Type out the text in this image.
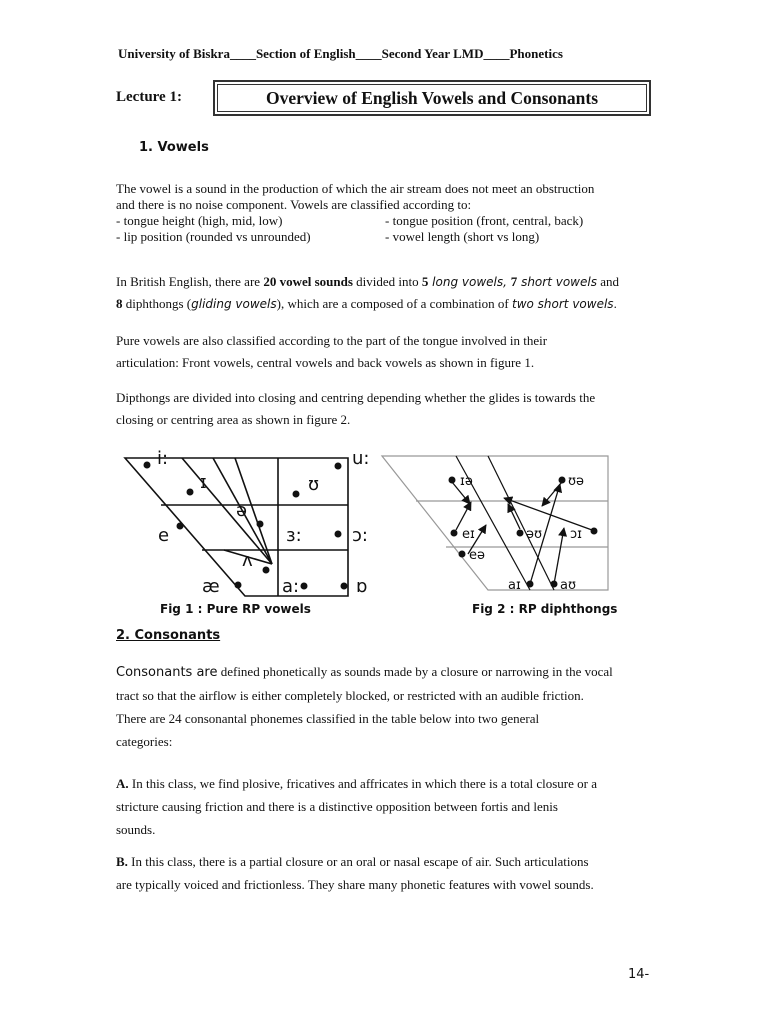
University of Biskra____Section of English____Second Year LMD____Phonetics
Lecture 1:	Overview of English Vowels and Consonants
1. Vowels
The vowel is a sound in the production of which the air stream does not meet an obstruction
and there is no noise component. Vowels are classified according to:
- tongue height (high, mid, low)	- tongue position (front, central, back)
- lip position (rounded vs unrounded)	- vowel length (short vs long)
In British English, there are 20 vowel sounds divided into 5 long vowels, 7 short vowels and
8 diphthongs (gliding vowels), which are a composed of a combination of two short vowels.
Pure vowels are also classified according to the part of the tongue involved in their
articulation: Front vowels, central vowels and back vowels as shown in figure 1.
Dipthongs are divided into closing and centring depending whether the glides is towards the
closing or centring area as shown in figure 2.
i:	u:
ɪ	ʊ
ə
e	ɜ:	ɔ:
ʌ
æ	a:	ɒ
Fig 1 : Pure RP vowels
ɪə	ʊə
eɪ	əʊ ɔɪ
eə
aɪ	aʊ
Fig 2 : RP diphthongs
2. Consonants
Consonants are defined phonetically as sounds made by a closure or narrowing in the vocal
tract so that the airflow is either completely blocked, or restricted with an audible friction.
There are 24 consonantal phonemes classified in the table below into two general
categories:
A. In this class, we find plosive, fricatives and affricates in which there is a total closure or a
stricture causing friction and there is a distinctive opposition between fortis and lenis
sounds.
B. In this class, there is a partial closure or an oral or nasal escape of air. Such articulations
are typically voiced and frictionless. They share many phonetic features with vowel sounds.
14-
